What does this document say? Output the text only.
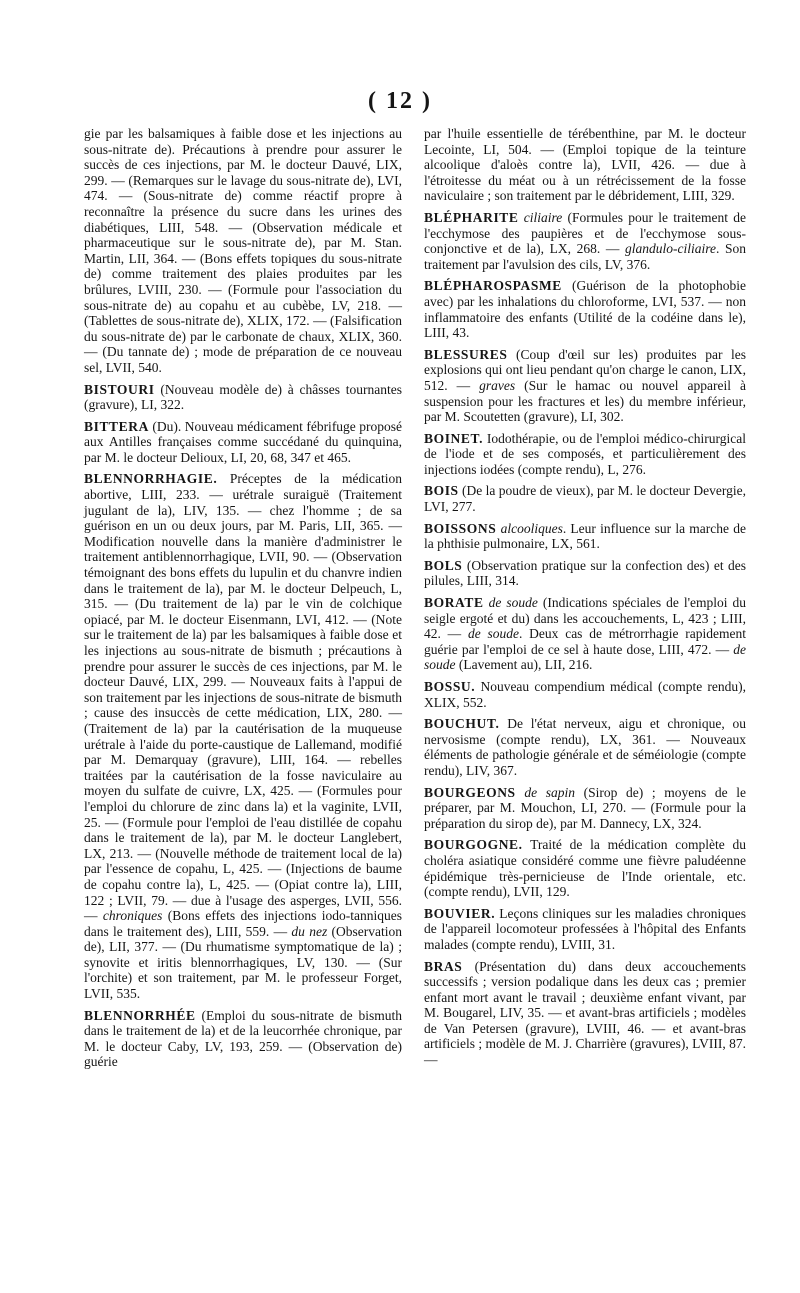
( 12 )

gie par les balsamiques à faible dose et les injections au sous-nitrate de). Précautions à prendre pour assurer le succès de ces injections, par M. le docteur Dauvé, LIX, 299. — (Remarques sur le lavage du sous-nitrate de), LVI, 474. — (Sous-nitrate de) comme réactif propre à reconnaître la présence du sucre dans les urines des diabétiques, LIII, 548. — (Observation médicale et pharmaceutique sur le sous-nitrate de), par M. Stan. Martin, LII, 364. — (Bons effets topiques du sous-nitrate de) comme traitement des plaies produites par les brûlures, LVIII, 230. — (Formule pour l'association du sous-nitrate de) au copahu et au cubèbe, LV, 218. — (Tablettes de sous-nitrate de), XLIX, 172. — (Falsification du sous-nitrate de) par le carbonate de chaux, XLIX, 360. — (Du tannate de) ; mode de préparation de ce nouveau sel, LVII, 540.

BISTOURI (Nouveau modèle de) à châsses tournantes (gravure), LI, 322.

BITTERA (Du). Nouveau médicament fébrifuge proposé aux Antilles françaises comme succédané du quinquina, par M. le docteur Delioux, LI, 20, 68, 347 et 465.

BLENNORRHAGIE. Préceptes de la médication abortive, LIII, 233. — urétrale suraiguë (Traitement jugulant de la), LIV, 135. — chez l'homme ; de sa guérison en un ou deux jours, par M. Paris, LII, 365. — Modification nouvelle dans la manière d'administrer le traitement antiblennorrhagique, LVII, 90. — (Observation témoignant des bons effets du lupulin et du chanvre indien dans le traitement de la), par M. le docteur Delpeuch, L, 315. — (Du traitement de la) par le vin de colchique opiacé, par M. le docteur Eisenmann, LVI, 412. — (Note sur le traitement de la) par les balsamiques à faible dose et les injections au sous-nitrate de bismuth ; précautions à prendre pour assurer le succès de ces injections, par M. le docteur Dauvé, LIX, 299. — Nouveaux faits à l'appui de son traitement par les injections de sous-nitrate de bismuth ; cause des insuccès de cette médication, LIX, 280. — (Traitement de la) par la cautérisation de la muqueuse urétrale à l'aide du porte-caustique de Lallemand, modifié par M. Demarquay (gravure), LIII, 164. — rebelles traitées par la cautérisation de la fosse naviculaire au moyen du sulfate de cuivre, LX, 425. — (Formules pour l'emploi du chlorure de zinc dans la) et la vaginite, LVII, 25. — (Formule pour l'emploi de l'eau distillée de copahu dans le traitement de la), par M. le docteur Langlebert, LX, 213. — (Nouvelle méthode de traitement local de la) par l'essence de copahu, L, 425. — (Injections de baume de copahu contre la), L, 425. — (Opiat contre la), LIII, 122 ; LVII, 79. — due à l'usage des asperges, LVII, 556. — chroniques (Bons effets des injections iodo-tanniques dans le traitement des), LIII, 559. — du nez (Observation de), LII, 377. — (Du rhumatisme symptomatique de la) ; synovite et iritis blennorrhagiques, LV, 130. — (Sur l'orchite) et son traitement, par M. le professeur Forget, LVII, 535.

BLENNORRHÉE (Emploi du sous-nitrate de bismuth dans le traitement de la) et de la leucorrhée chronique, par M. le docteur Caby, LV, 193, 259. — (Observation de) guérie

par l'huile essentielle de térébenthine, par M. le docteur Lecointe, LI, 504. — (Emploi topique de la teinture alcoolique d'aloès contre la), LVII, 426. — due à l'étroitesse du méat ou à un rétrécissement de la fosse naviculaire ; son traitement par le débridement, LIII, 329.

BLÉPHARITE ciliaire (Formules pour le traitement de l'ecchymose des paupières et de l'ecchymose sous-conjonctive et de la), LX, 268. — glandulo-ciliaire. Son traitement par l'avulsion des cils, LV, 376.

BLÉPHAROSPASME (Guérison de la photophobie avec) par les inhalations du chloroforme, LVI, 537. — non inflammatoire des enfants (Utilité de la codéine dans le), LIII, 43.

BLESSURES (Coup d'œil sur les) produites par les explosions qui ont lieu pendant qu'on charge le canon, LIX, 512. — graves (Sur le hamac ou nouvel appareil à suspension pour les fractures et les) du membre inférieur, par M. Scoutetten (gravure), LI, 302.

BOINET. Iodothérapie, ou de l'emploi médico-chirurgical de l'iode et de ses composés, et particulièrement des injections iodées (compte rendu), L, 276.

BOIS (De la poudre de vieux), par M. le docteur Devergie, LVI, 277.

BOISSONS alcooliques. Leur influence sur la marche de la phthisie pulmonaire, LX, 561.

BOLS (Observation pratique sur la confection des) et des pilules, LIII, 314.

BORATE de soude (Indications spéciales de l'emploi du seigle ergoté et du) dans les accouchements, L, 423 ; LIII, 42. — de soude. Deux cas de métrorrhagie rapidement guérie par l'emploi de ce sel à haute dose, LIII, 472. — de soude (Lavement au), LII, 216.

BOSSU. Nouveau compendium médical (compte rendu), XLIX, 552.

BOUCHUT. De l'état nerveux, aigu et chronique, ou nervosisme (compte rendu), LX, 361. — Nouveaux éléments de pathologie générale et de séméiologie (compte rendu), LIV, 367.

BOURGEONS de sapin (Sirop de) ; moyens de le préparer, par M. Mouchon, LI, 270. — (Formule pour la préparation du sirop de), par M. Dannecy, LX, 324.

BOURGOGNE. Traité de la médication complète du choléra asiatique considéré comme une fièvre paludéenne épidémique très-pernicieuse de l'Inde orientale, etc. (compte rendu), LVII, 129.

BOUVIER. Leçons cliniques sur les maladies chroniques de l'appareil locomoteur professées à l'hôpital des Enfants malades (compte rendu), LVIII, 31.

BRAS (Présentation du) dans deux accouchements successifs ; version podalique dans les deux cas ; premier enfant mort avant le travail ; deuxième enfant vivant, par M. Bougarel, LIV, 35. — et avant-bras artificiels ; modèles de Van Petersen (gravure), LVIII, 46. — et avant-bras artificiels ; modèle de M. J. Charrière (gravures), LVIII, 87. —
